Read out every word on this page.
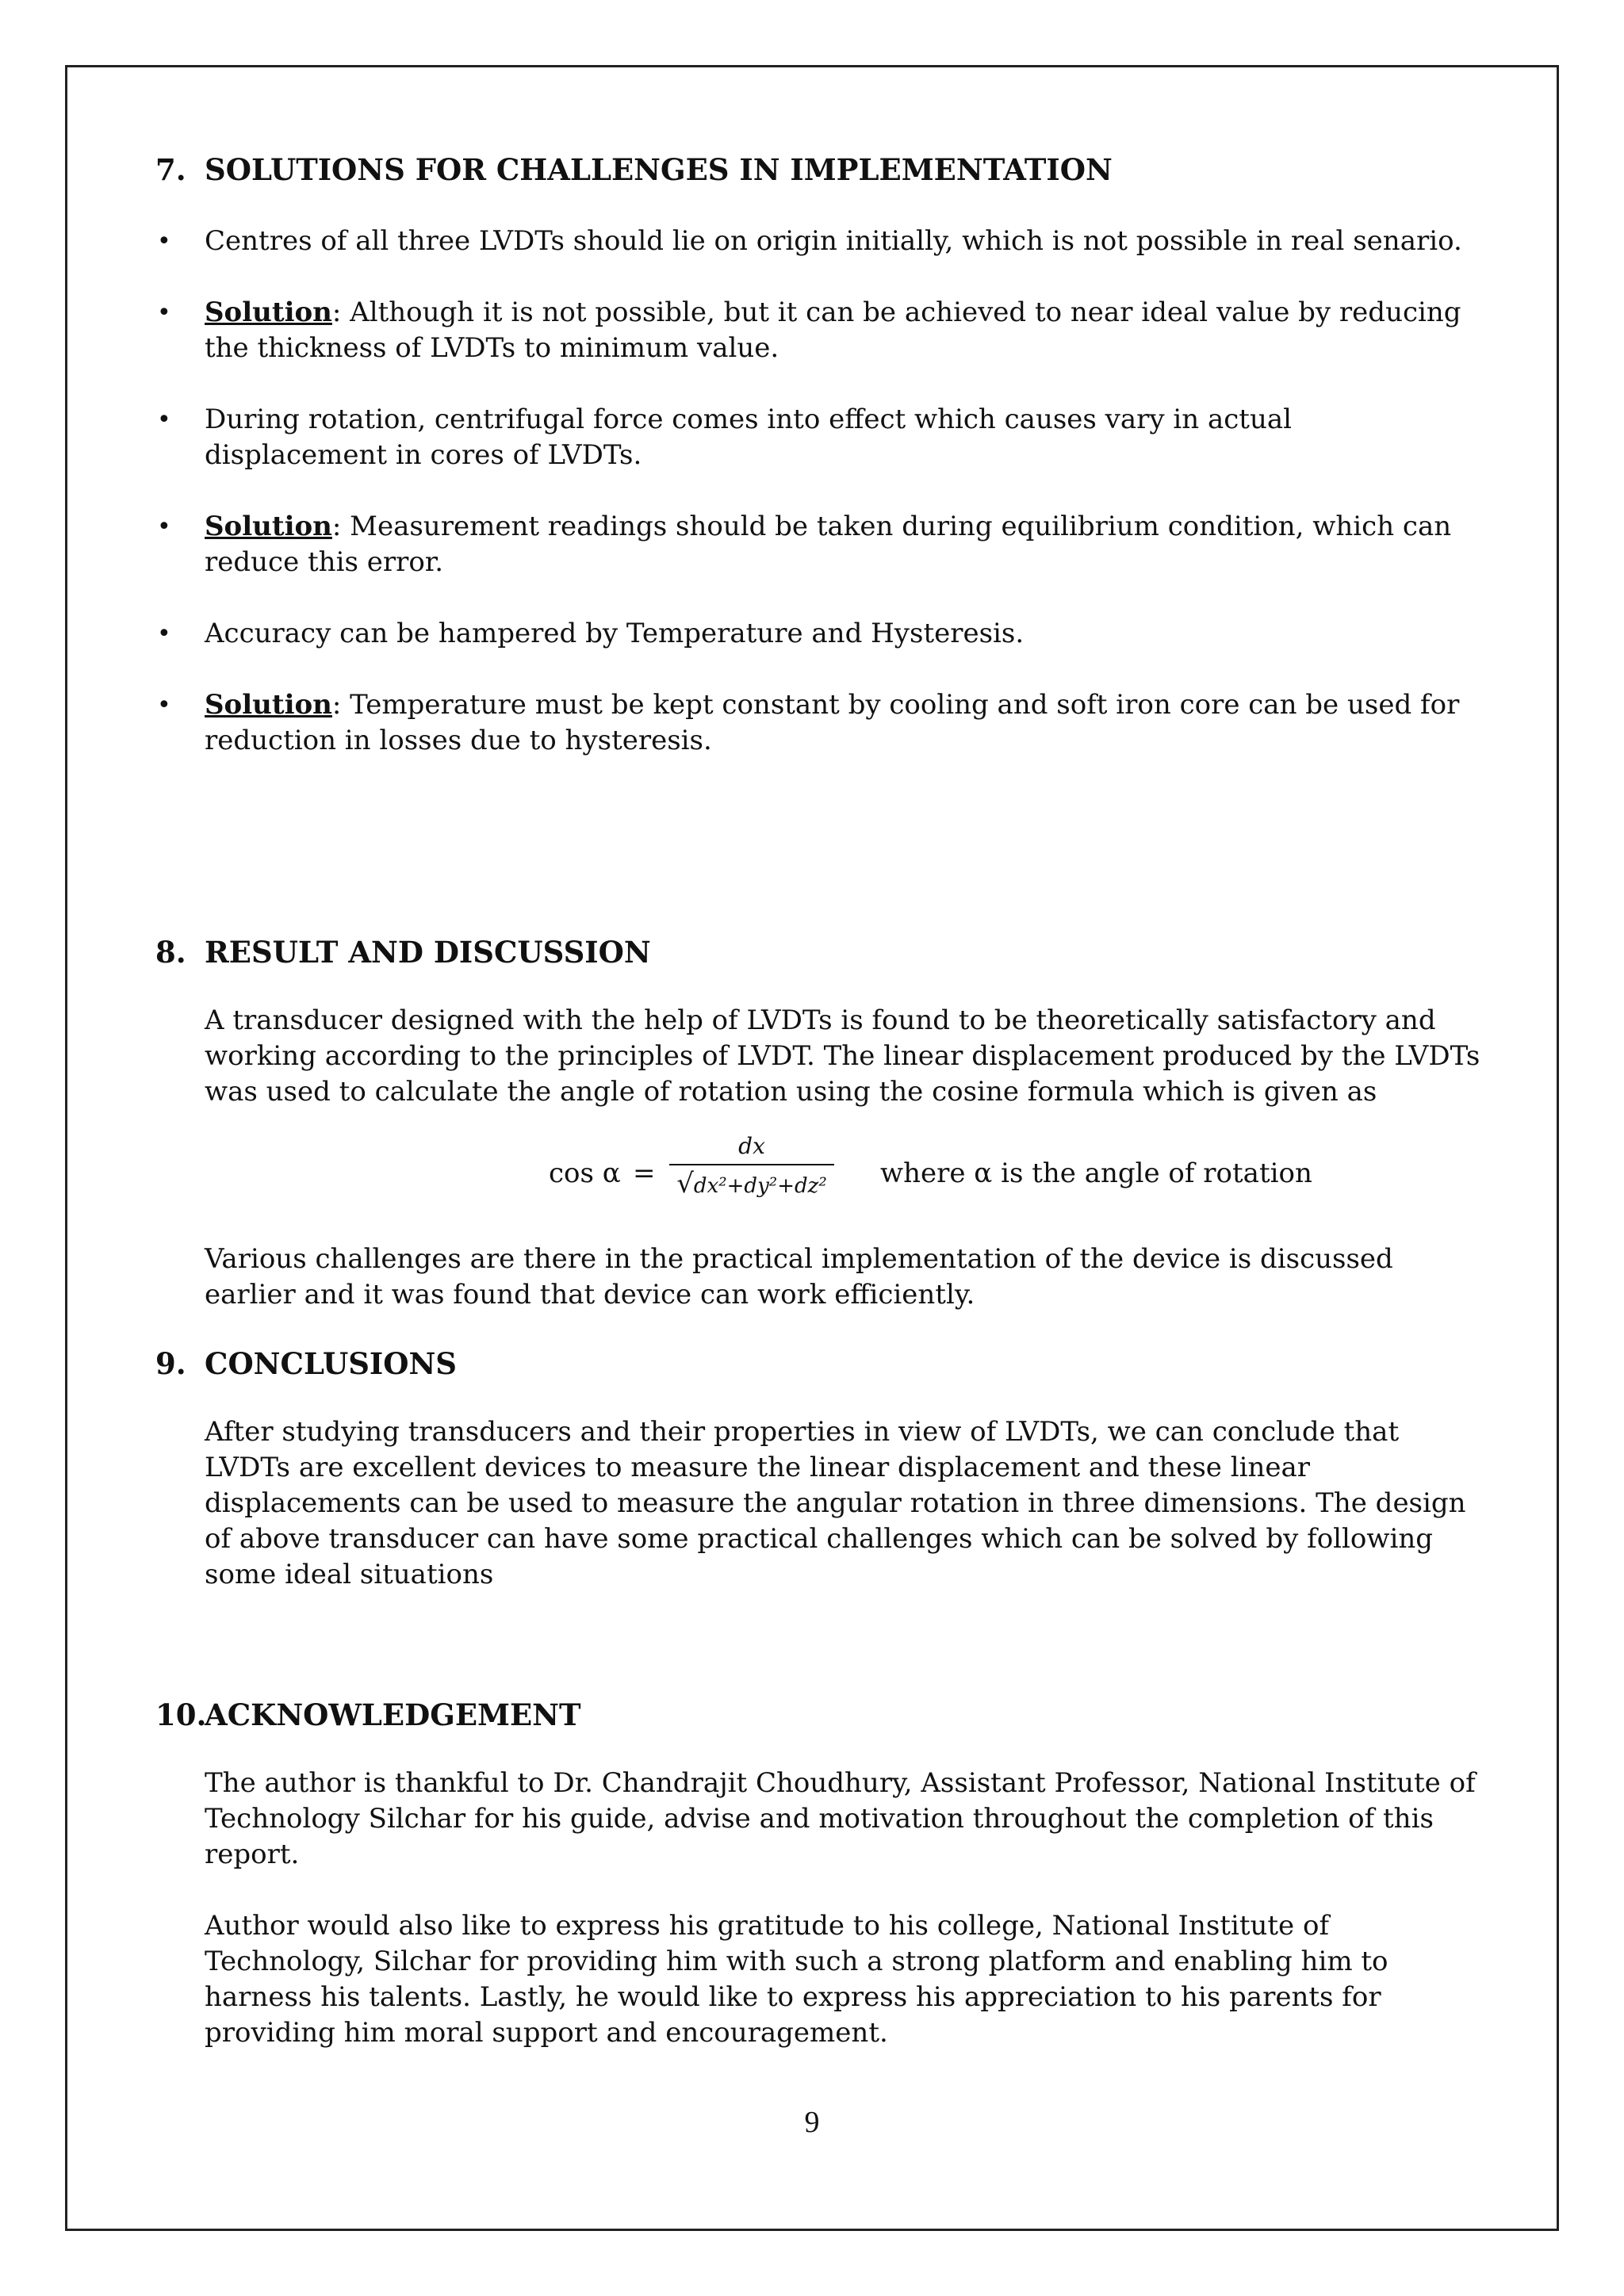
7. SOLUTIONS FOR CHALLENGES IN IMPLEMENTATION
• Centres of all three LVDTs should lie on origin initially, which is not possible in real senario.
• Solution: Although it is not possible, but it can be achieved to near ideal value by reducing the thickness of LVDTs to minimum value.
• During rotation, centrifugal force comes into effect which causes vary in actual displacement in cores of LVDTs.
• Solution: Measurement readings should be taken during equilibrium condition, which can reduce this error.
• Accuracy can be hampered by Temperature and Hysteresis.
• Solution: Temperature must be kept constant by cooling and soft iron core can be used for reduction in losses due to hysteresis.
8. RESULT AND DISCUSSION

A transducer designed with the help of LVDTs is found to be theoretically satisfactory and working according to the principles of LVDT. The linear displacement produced by the LVDTs was used to calculate the angle of rotation using the cosine formula which is given as

cos α =
dx
√dx²+dy²+dz² where α is the angle of rotation

Various challenges are there in the practical implementation of the device is discussed earlier and it was found that device can work efficiently.

9. CONCLUSIONS

After studying transducers and their properties in view of LVDTs, we can conclude that LVDTs are excellent devices to measure the linear displacement and these linear displacements can be used to measure the angular rotation in three dimensions. The design of above transducer can have some practical challenges which can be solved by following some ideal situations

10.ACKNOWLEDGEMENT

The author is thankful to Dr. Chandrajit Choudhury, Assistant Professor, National Institute of Technology Silchar for his guide, advise and motivation throughout the completion of this report.

Author would also like to express his gratitude to his college, National Institute of Technology, Silchar for providing him with such a strong platform and enabling him to harness his talents. Lastly, he would like to express his appreciation to his parents for providing him moral support and encouragement.

9
